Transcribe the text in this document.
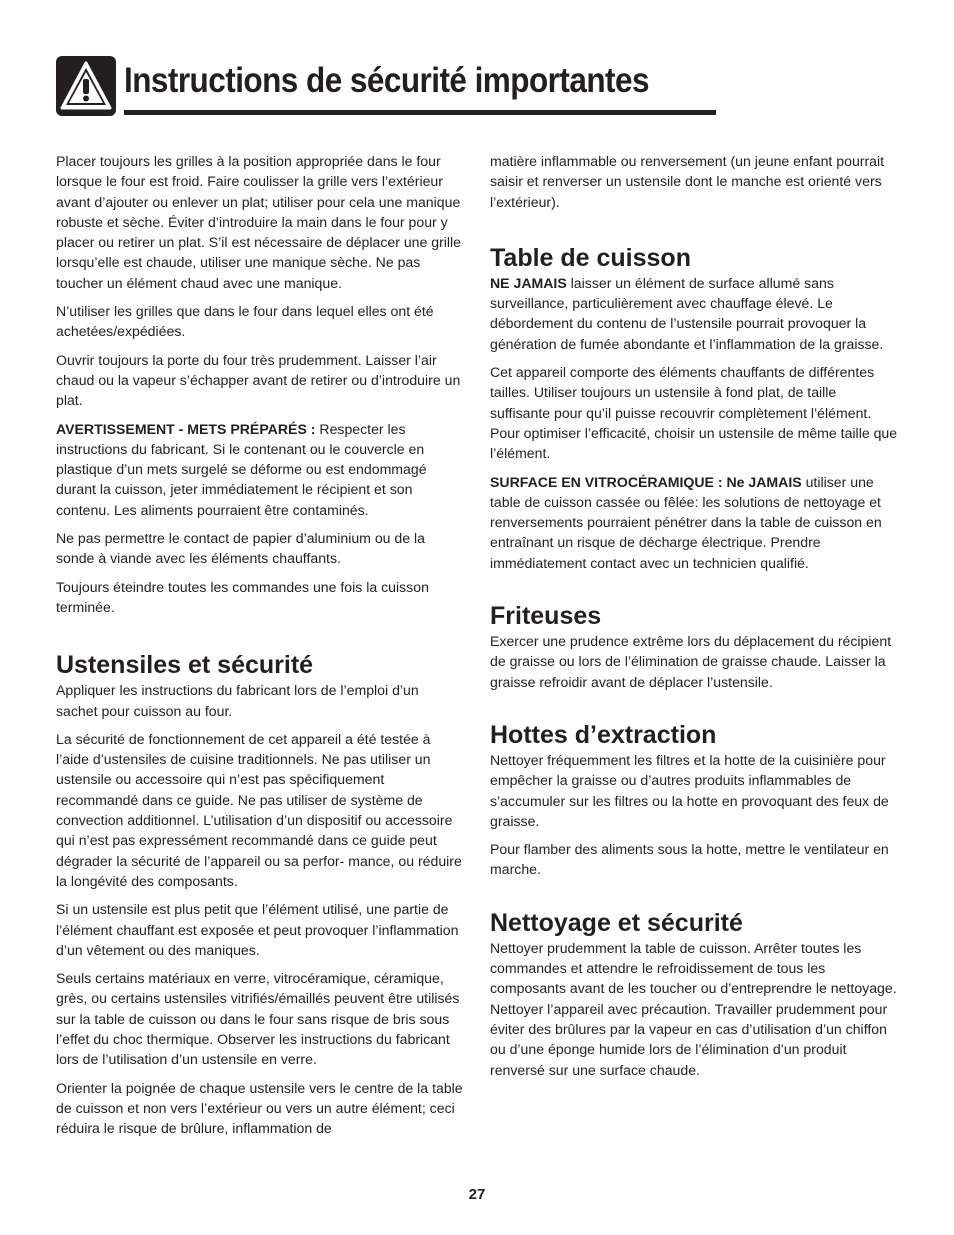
Instructions de sécurité importantes

Placer toujours les grilles à la position appropriée dans le four lorsque le four est froid. Faire coulisser la grille vers l’extérieur avant d’ajouter ou enlever un plat; utiliser pour cela une manique robuste et sèche. Éviter d’introduire la main dans le four pour y placer ou retirer un plat. S’il est nécessaire de déplacer une grille lorsqu’elle est chaude, utiliser une manique sèche. Ne pas toucher un élément chaud avec une manique.

N’utiliser les grilles que dans le four dans lequel elles ont été achetées/expédiées.

Ouvrir toujours la porte du four très prudemment. Laisser l’air chaud ou la vapeur s’échapper avant de retirer ou d’introduire un plat.

AVERTISSEMENT - METS PRÉPARÉS : Respecter les instructions du fabricant. Si le contenant ou le couvercle en plastique d’un mets surgelé se déforme ou est endommagé durant la cuisson, jeter immédiatement le récipient et son contenu. Les aliments pourraient être contaminés.

Ne pas permettre le contact de papier d’aluminium ou de la sonde à viande avec les éléments chauffants.

Toujours éteindre toutes les commandes une fois la cuisson terminée.

Ustensiles et sécurité

Appliquer les instructions du fabricant lors de l’emploi d’un sachet pour cuisson au four.

La sécurité de fonctionnement de cet appareil a été testée à l’aide d’ustensiles de cuisine traditionnels. Ne pas utiliser un ustensile ou accessoire qui n’est pas spécifiquement recommandé dans ce guide. Ne pas utiliser de système de convection additionnel. L’utilisation d’un dispositif ou accessoire qui n’est pas expressément recommandé dans ce guide peut dégrader la sécurité de l’appareil ou sa perfor- mance, ou réduire la longévité des composants.

Si un ustensile est plus petit que l’élément utilisé, une partie de l’élément chauffant est exposée et peut provoquer l’inflammation d’un vêtement ou des maniques.

Seuls certains matériaux en verre, vitrocéramique, céramique, grès, ou certains ustensiles vitrifiés/émaillés peuvent être utilisés sur la table de cuisson ou dans le four sans risque de bris sous l’effet du choc thermique. Observer les instructions du fabricant lors de l’utilisation d’un ustensile en verre.

Orienter la poignée de chaque ustensile vers le centre de la table de cuisson et non vers l’extérieur ou vers un autre élément; ceci réduira le risque de brûlure, inflammation de

matière inflammable ou renversement (un jeune enfant pourrait saisir et renverser un ustensile dont le manche est orienté vers l’extérieur).

Table de cuisson

NE JAMAIS laisser un élément de surface allumé sans surveillance, particulièrement avec chauffage élevé. Le débordement du contenu de l’ustensile pourrait provoquer la génération de fumée abondante et l’inflammation de la graisse.

Cet appareil comporte des éléments chauffants de différentes tailles. Utiliser toujours un ustensile à fond plat, de taille suffisante pour qu’il puisse recouvrir complètement l’élément. Pour optimiser l’efficacité, choisir un ustensile de même taille que l’élément.

SURFACE EN VITROCÉRAMIQUE : Ne JAMAIS utiliser une table de cuisson cassée ou fêlée: les solutions de nettoyage et renversements pourraient pénétrer dans la table de cuisson en entraînant un risque de décharge électrique. Prendre immédiatement contact avec un technicien qualifié.

Friteuses

Exercer une prudence extrême lors du déplacement du récipient de graisse ou lors de l’élimination de graisse chaude. Laisser la graisse refroidir avant de déplacer l’ustensile.

Hottes d’extraction

Nettoyer fréquemment les filtres et la hotte de la cuisinière pour empêcher la graisse ou d’autres produits inflammables de s’accumuler sur les filtres ou la hotte en provoquant des feux de graisse.

Pour flamber des aliments sous la hotte, mettre le ventilateur en marche.

Nettoyage et sécurité

Nettoyer prudemment la table de cuisson. Arrêter toutes les commandes et attendre le refroidissement de tous les composants avant de les toucher ou d’entreprendre le nettoyage. Nettoyer l’appareil avec précaution. Travailler prudemment pour éviter des brûlures par la vapeur en cas d’utilisation d’un chiffon ou d’une éponge humide lors de l’élimination d’un produit renversé sur une surface chaude.

27
